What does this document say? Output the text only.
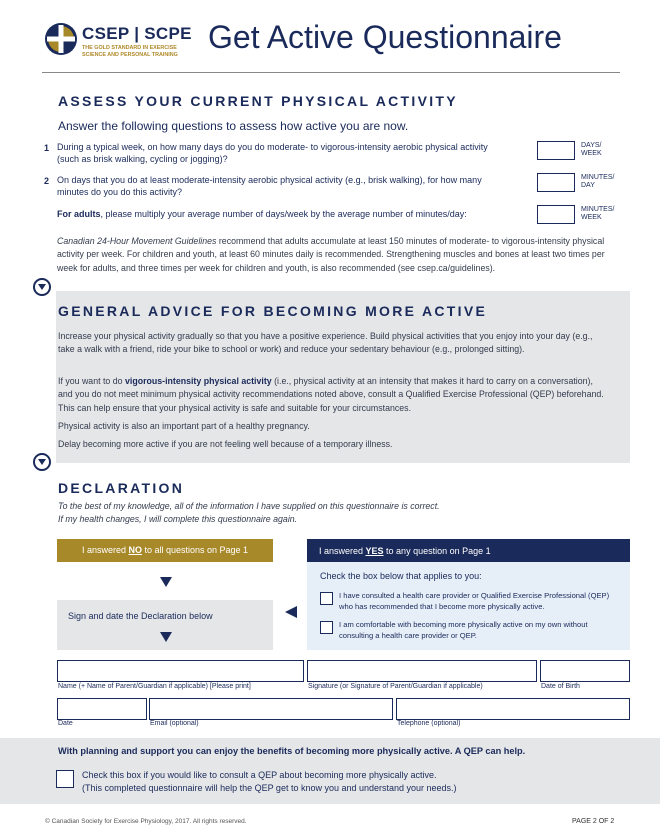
CSEP | SCPE
THE GOLD STANDARD IN EXERCISE SCIENCE AND PERSONAL TRAINING Get Active Questionnaire
ASSESS YOUR CURRENT PHYSICAL ACTIVITY
Answer the following questions to assess how active you are now.
1 During a typical week, on how many days do you do moderate- to vigorous-intensity aerobic physical activity (such as brisk walking, cycling or jogging)?
DAYS/ WEEK
2 On days that you do at least moderate-intensity aerobic physical activity (e.g., brisk walking), for how many minutes do you do this activity?
MINUTES/ DAY
For adults, please multiply your average number of days/week by the average number of minutes/day:	MINUTES/ WEEK
Canadian 24-Hour Movement Guidelines recommend that adults accumulate at least 150 minutes of moderate- to vigorous-intensity physical activity per week. For children and youth, at least 60 minutes daily is recommended. Strengthening muscles and bones at least two times per week for adults, and three times per week for children and youth, is also recommended (see csep.ca/guidelines).
GENERAL ADVICE FOR BECOMING MORE ACTIVE
Increase your physical activity gradually so that you have a positive experience. Build physical activities that you enjoy into your day (e.g., take a walk with a friend, ride your bike to school or work) and reduce your sedentary behaviour (e.g., prolonged sitting).
If you want to do vigorous-intensity physical activity (i.e., physical activity at an intensity that makes it hard to carry on a conversation), and you do not meet minimum physical activity recommendations noted above, consult a Qualified Exercise Professional (QEP) beforehand. This can help ensure that your physical activity is safe and suitable for your circumstances.
Physical activity is also an important part of a healthy pregnancy.
Delay becoming more active if you are not feeling well because of a temporary illness.
DECLARATION
To the best of my knowledge, all of the information I have supplied on this questionnaire is correct.
If my health changes, I will complete this questionnaire again.
I answered NO to all questions on Page 1
Sign and date the Declaration below
I answered YES to any question on Page 1
Check the box below that applies to you:
I have consulted a health care provider or Qualified Exercise Professional (QEP) who has recommended that I become more physically active.
I am comfortable with becoming more physically active on my own without consulting a health care provider or QEP.
Name (+ Name of Parent/Guardian if applicable) [Please print]	Signature (or Signature of Parent/Guardian if applicable)	Date of Birth
Date	Email (optional)	Telephone (optional)
With planning and support you can enjoy the benefits of becoming more physically active. A QEP can help.
Check this box if you would like to consult a QEP about becoming more physically active.
(This completed questionnaire will help the QEP get to know you and understand your needs.)
© Canadian Society for Exercise Physiology, 2017. All rights reserved.	PAGE 2 OF 2
